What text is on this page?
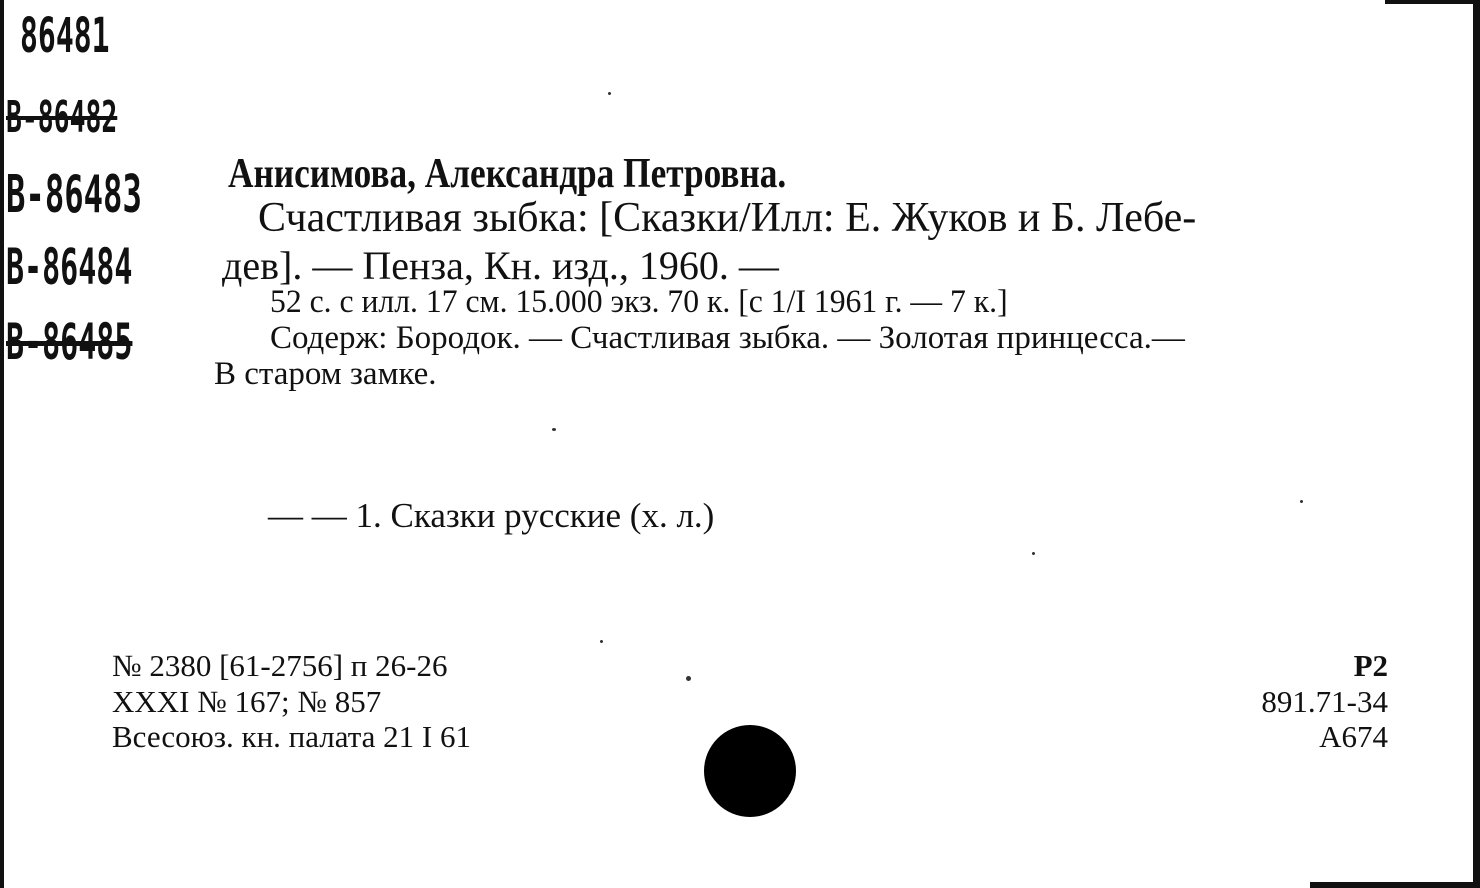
86481
В-86482
В-86483
В-86484
В-86485
Анисимова, Александра Петровна.
Счастливая зыбка: [Сказки/Илл: Е. Жуков и Б. Лебе-
дев]. — Пенза, Кн. изд., 1960. —
52 с. с илл. 17 см. 15.000 экз. 70 к. [с 1/I 1961 г. — 7 к.]
Содерж: Бородок. — Счастливая зыбка. — Золотая принцесса.—
В старом замке.
— — 1. Сказки русские (х. л.)
№ 2380 [61-2756] п 26-26
XXXI № 167; № 857
Всесоюз. кн. палата 21 I 61
Р2
891.71-34
А674
